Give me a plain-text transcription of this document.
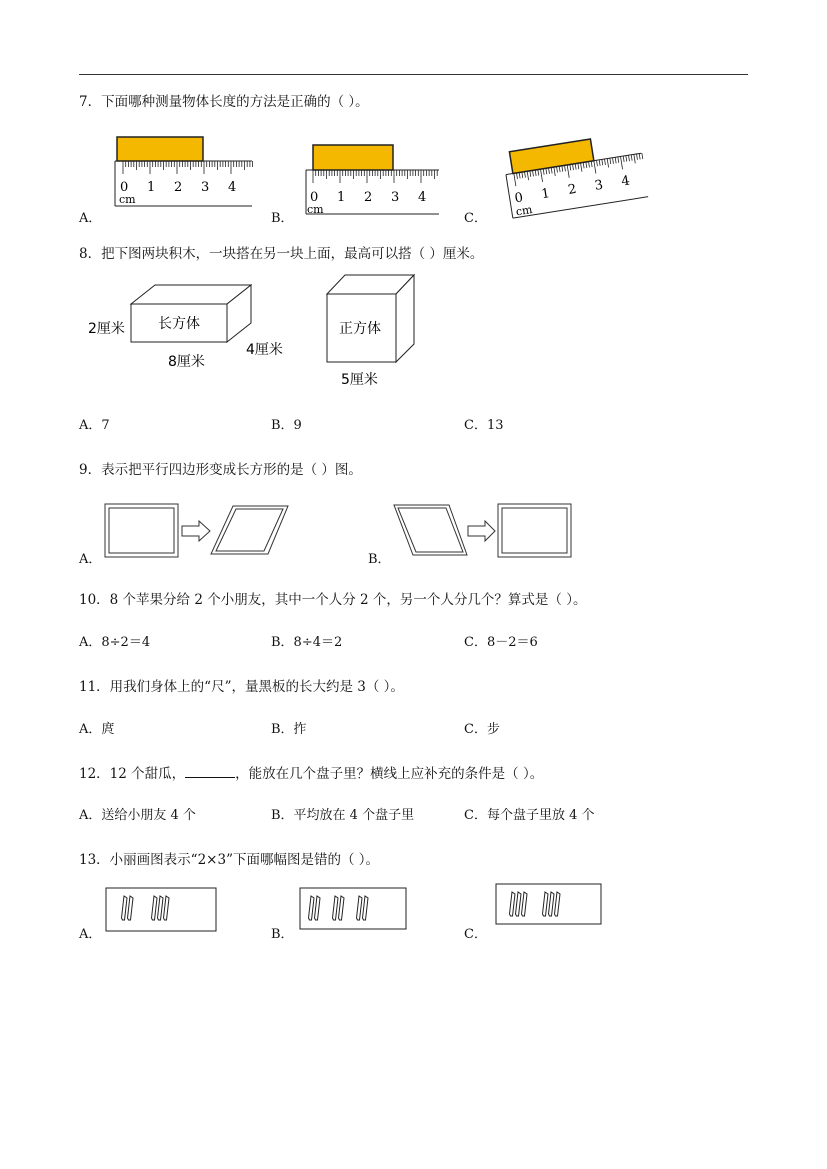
7．下面哪种测量物体长度的方法是正确的（ ）。
0 1 2 3 4
cm
A．
0 1 2 3 4
cm
B．
0 1 2 3 4
cm
C．
8．把下图两块积木，一块搭在另一块上面，最高可以搭（ ）厘米。
长方体
2厘米
8厘米
4厘米
正方体
5厘米
A．7	B．9	C．13
9．表示把平行四边形变成长方形的是（ ）图。
A．	B．
10．8 个苹果分给 2 个小朋友，其中一个人分 2 个，另一个人分几个？算式是（ ）。
A．8÷2＝4	B．8÷4＝2	C．8－2＝6
11．用我们身体上的“尺”，量黑板的长大约是 3（ ）。
A．庹	B．拃	C．步
12．12 个甜瓜，	，能放在几个盘子里？横线上应补充的条件是（ ）。
A．送给小朋友 4 个	B．平均放在 4 个盘子里	C．每个盘子里放 4 个
13．小丽画图表示“2×3”下面哪幅图是错的（ ）。
A．	B．	C．
